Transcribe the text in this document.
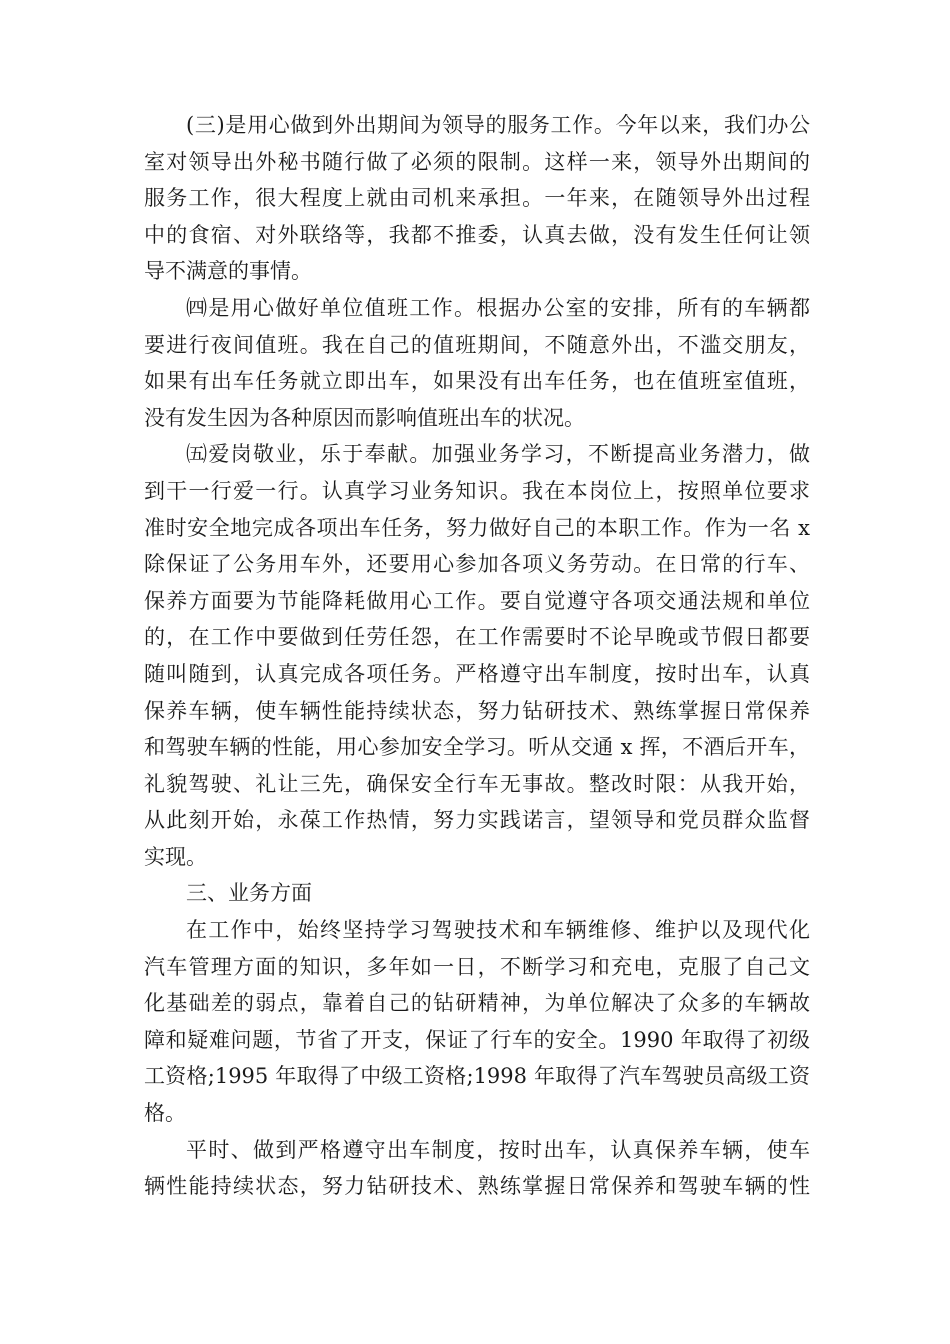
(三)是用心做到外出期间为领导的服务工作。今年以来，我们办公
室对领导出外秘书随行做了必须的限制。这样一来，领导外出期间的
服务工作，很大程度上就由司机来承担。一年来，在随领导外出过程
中的食宿、对外联络等，我都不推委，认真去做，没有发生任何让领
导不满意的事情。
㈣是用心做好单位值班工作。根据办公室的安排，所有的车辆都
要进行夜间值班。我在自己的值班期间，不随意外出，不滥交朋友，
如果有出车任务就立即出车，如果没有出车任务，也在值班室值班，
没有发生因为各种原因而影响值班出车的状况。
㈤爱岗敬业，乐于奉献。加强业务学习，不断提高业务潜力，做
到干一行爱一行。认真学习业务知识。我在本岗位上，按照单位要求
准时安全地完成各项出车任务，努力做好自己的本职工作。作为一名 x
除保证了公务用车外，还要用心参加各项义务劳动。在日常的行车、
保养方面要为节能降耗做用心工作。要自觉遵守各项交通法规和单位
的，在工作中要做到任劳任怨，在工作需要时不论早晚或节假日都要
随叫随到，认真完成各项任务。严格遵守出车制度，按时出车，认真
保养车辆，使车辆性能持续状态，努力钻研技术、熟练掌握日常保养
和驾驶车辆的性能，用心参加安全学习。听从交通 x 挥，不酒后开车，
礼貌驾驶、礼让三先，确保安全行车无事故。整改时限：从我开始，
从此刻开始，永葆工作热情，努力实践诺言，望领导和党员群众监督
实现。
三、业务方面
在工作中，始终坚持学习驾驶技术和车辆维修、维护以及现代化
汽车管理方面的知识，多年如一日，不断学习和充电，克服了自己文
化基础差的弱点，靠着自己的钻研精神，为单位解决了众多的车辆故
障和疑难问题，节省了开支，保证了行车的安全。1990 年取得了初级
工资格;1995 年取得了中级工资格;1998 年取得了汽车驾驶员高级工资
格。
平时、做到严格遵守出车制度，按时出车，认真保养车辆，使车
辆性能持续状态，努力钻研技术、熟练掌握日常保养和驾驶车辆的性
